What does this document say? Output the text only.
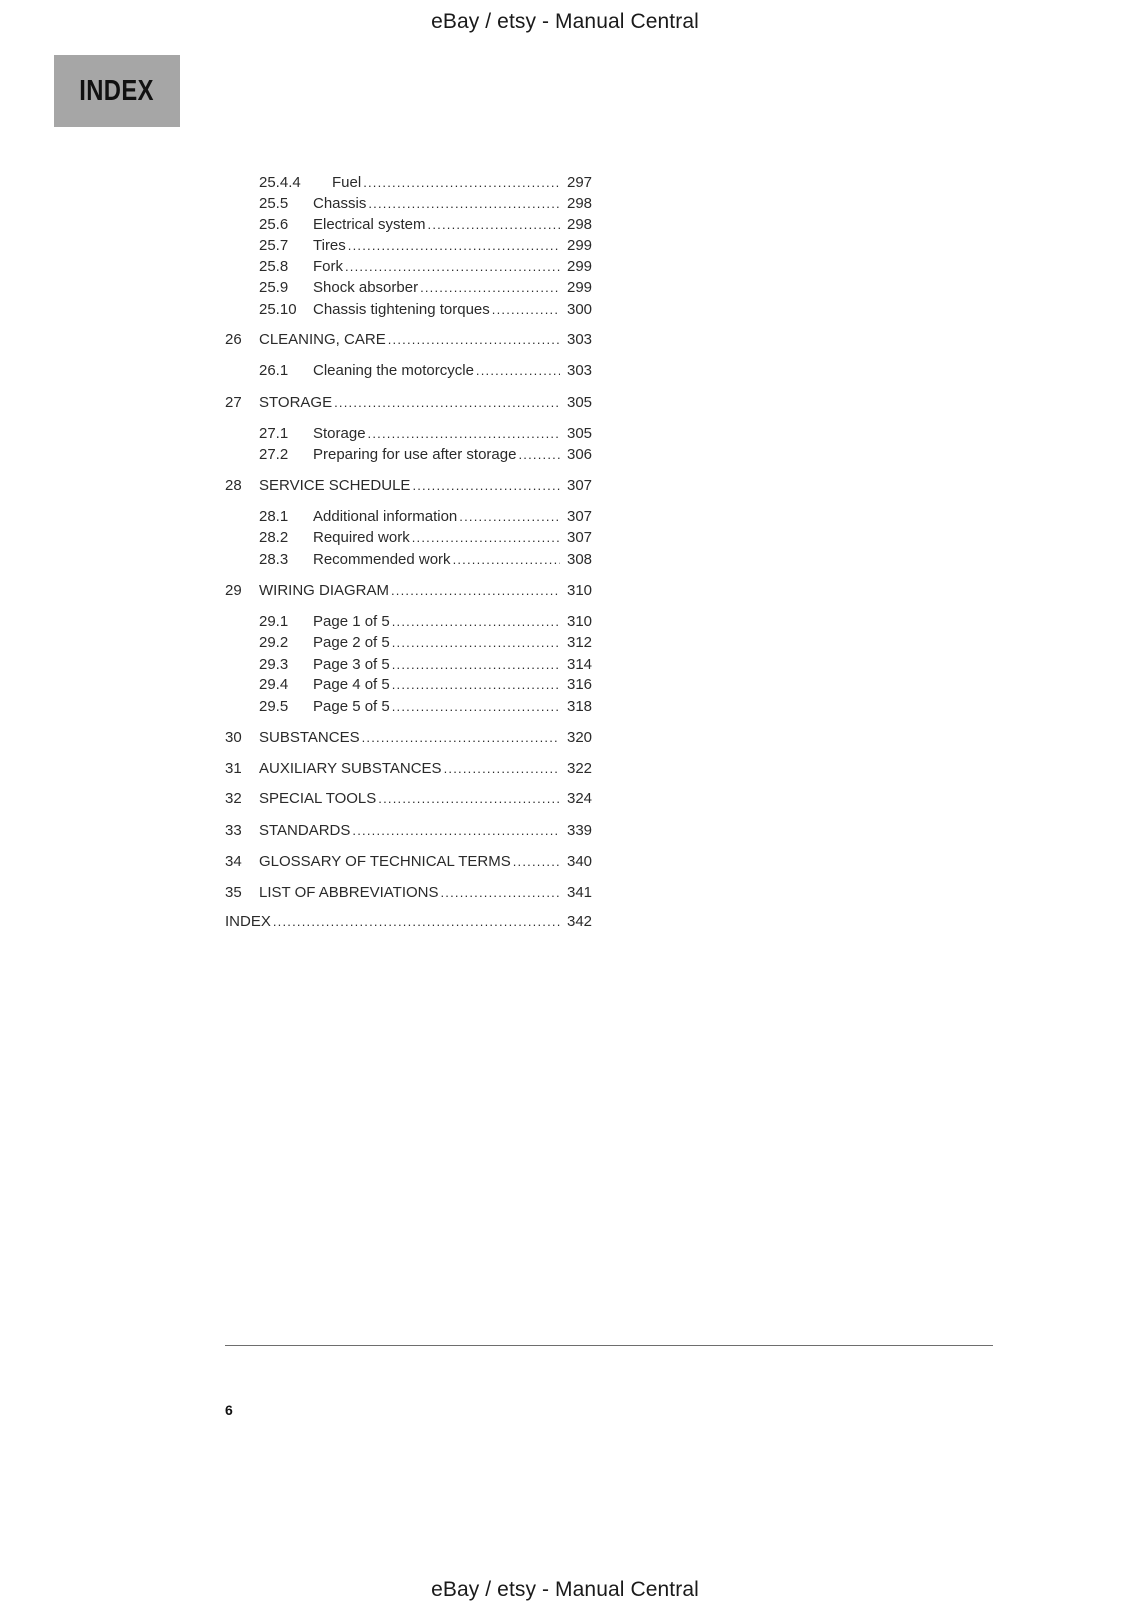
eBay / etsy - Manual Central
INDEX
25.4.4 Fuel .....	297
25.5 Chassis .....	298
25.6 Electrical system .....	298
25.7 Tires .....	299
25.8 Fork .....	299
25.9 Shock absorber .....	299
25.10 Chassis tightening torques .....	300
26 CLEANING, CARE .....	303
26.1 Cleaning the motorcycle .....	303
27 STORAGE .....	305
27.1 Storage .....	305
27.2 Preparing for use after storage .....	306
28 SERVICE SCHEDULE .....	307
28.1 Additional information .....	307
28.2 Required work .....	307
28.3 Recommended work .....	308
29 WIRING DIAGRAM .....	310
29.1 Page 1 of 5 .....	310
29.2 Page 2 of 5 .....	312
29.3 Page 3 of 5 .....	314
29.4 Page 4 of 5 .....	316
29.5 Page 5 of 5 .....	318
30 SUBSTANCES .....	320
31 AUXILIARY SUBSTANCES .....	322
32 SPECIAL TOOLS .....	324
33 STANDARDS .....	339
34 GLOSSARY OF TECHNICAL TERMS .....	340
35 LIST OF ABBREVIATIONS .....	341
INDEX .....	342
6
eBay / etsy - Manual Central
